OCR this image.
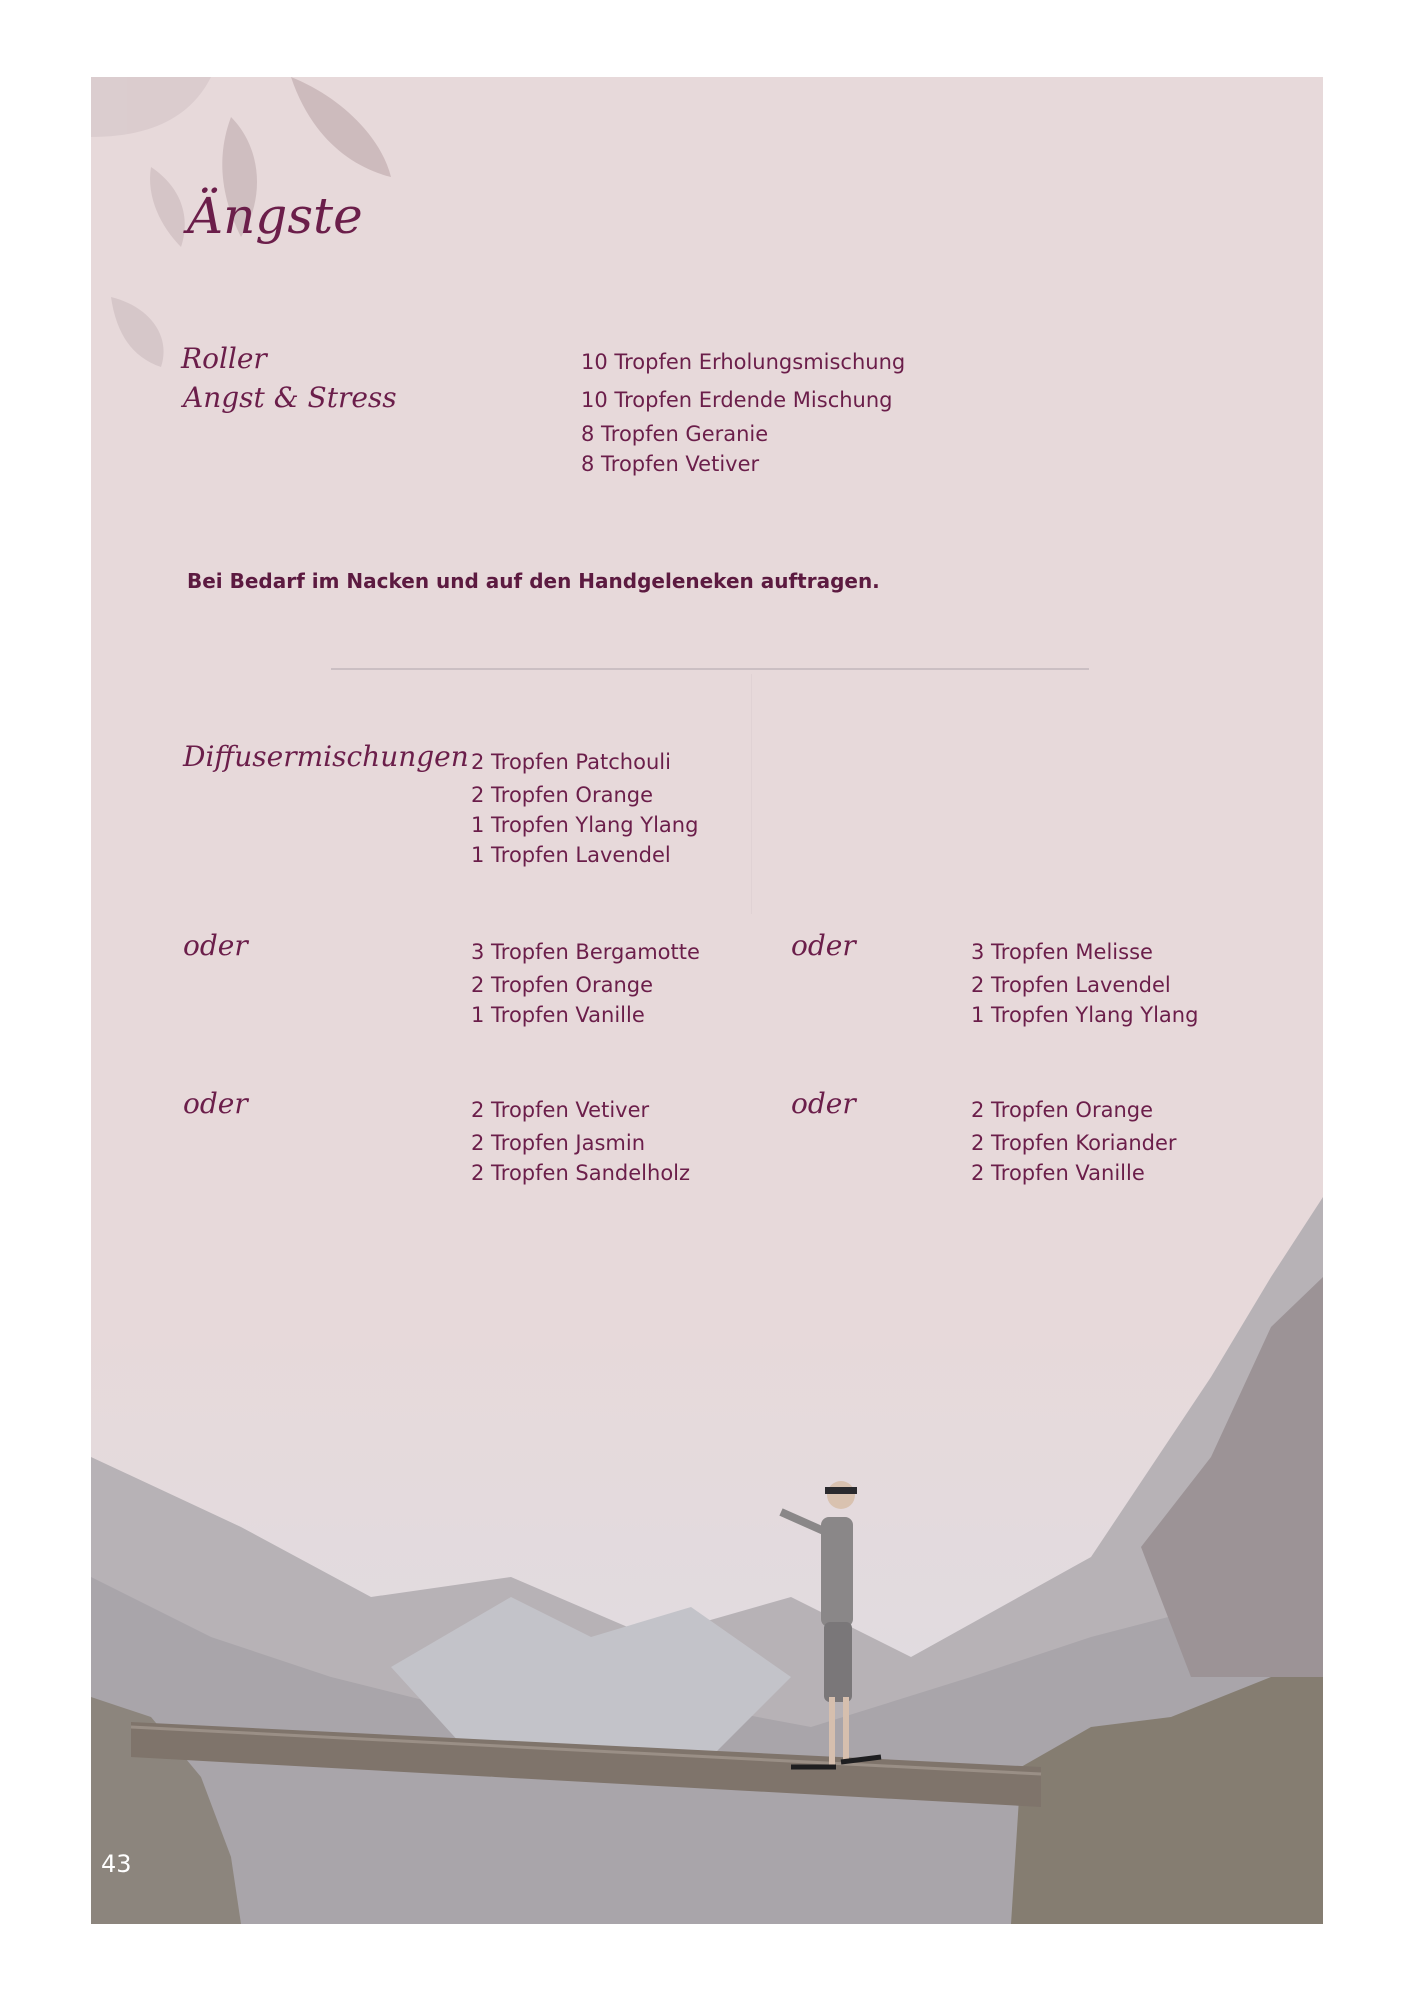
Ängste
Roller
Angst & Stress
10 Tropfen Erholungsmischung
10 Tropfen Erdende Mischung
8 Tropfen Geranie
8 Tropfen Vetiver
Bei Bedarf im Nacken und auf den Handgeleneken auftragen.
Diffusermischungen 2 Tropfen Patchouli
2 Tropfen Orange
1 Tropfen Ylang Ylang
1 Tropfen Lavendel
oder	3 Tropfen Bergamotte
2 Tropfen Orange
1 Tropfen Vanille
oder	3 Tropfen Melisse
2 Tropfen Lavendel
1 Tropfen Ylang Ylang
oder	2 Tropfen Vetiver
2 Tropfen Jasmin
2 Tropfen Sandelholz
oder	2 Tropfen Orange
2 Tropfen Koriander
2 Tropfen Vanille
43
